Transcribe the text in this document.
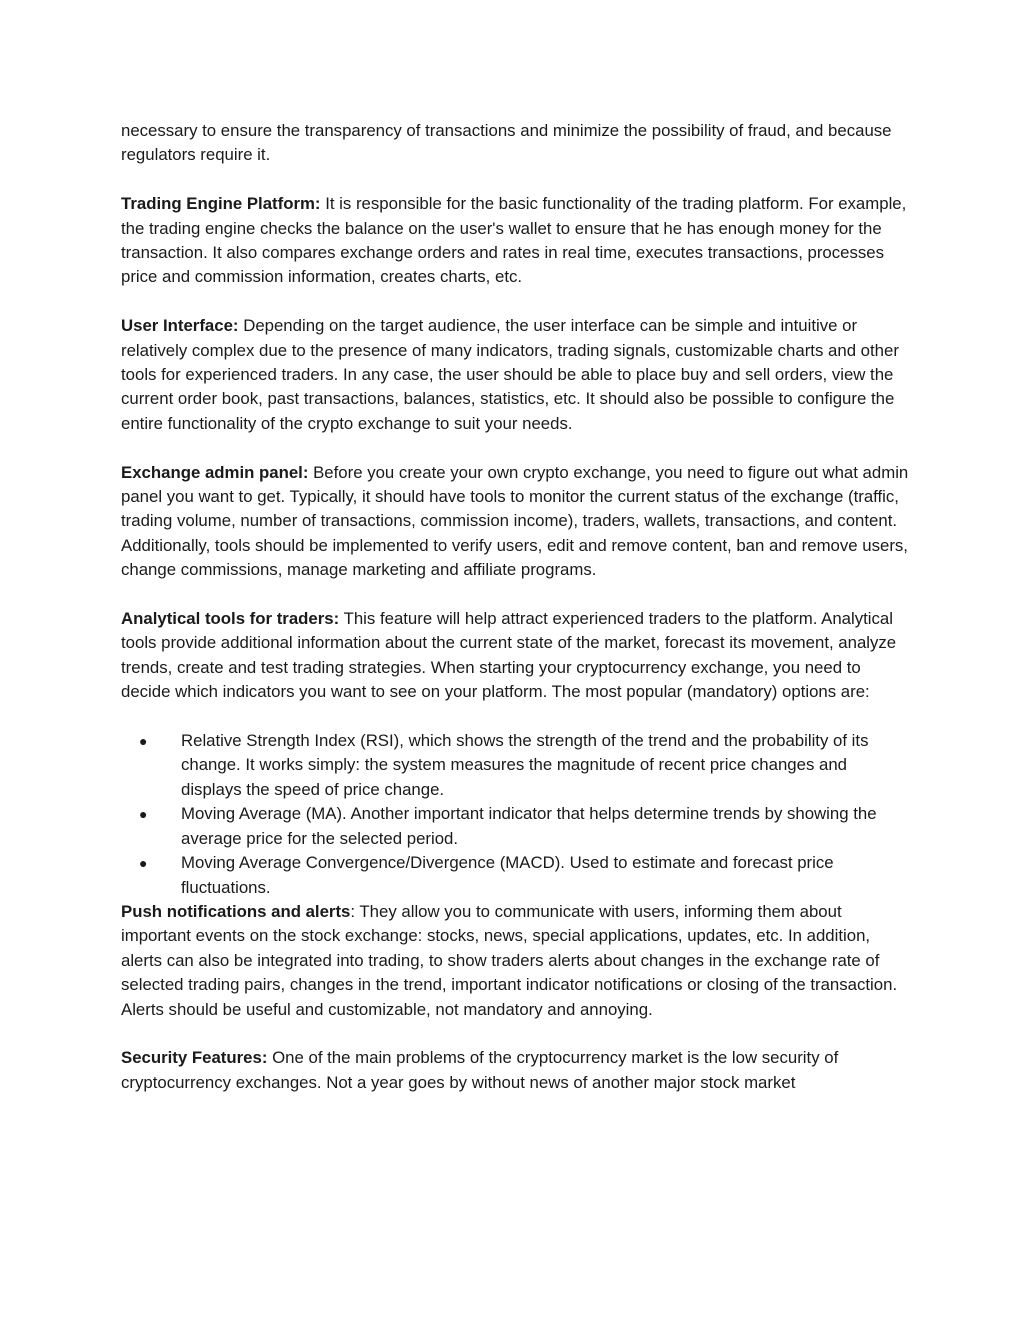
necessary to ensure the transparency of transactions and minimize the possibility of fraud, and because regulators require it.

Trading Engine Platform: It is responsible for the basic functionality of the trading platform. For example, the trading engine checks the balance on the user's wallet to ensure that he has enough money for the transaction. It also compares exchange orders and rates in real time, executes transactions, processes price and commission information, creates charts, etc.

User Interface: Depending on the target audience, the user interface can be simple and intuitive or relatively complex due to the presence of many indicators, trading signals, customizable charts and other tools for experienced traders. In any case, the user should be able to place buy and sell orders, view the current order book, past transactions, balances, statistics, etc. It should also be possible to configure the entire functionality of the crypto exchange to suit your needs.

Exchange admin panel: Before you create your own crypto exchange, you need to figure out what admin panel you want to get. Typically, it should have tools to monitor the current status of the exchange (traffic, trading volume, number of transactions, commission income), traders, wallets, transactions, and content. Additionally, tools should be implemented to verify users, edit and remove content, ban and remove users, change commissions, manage marketing and affiliate programs.

Analytical tools for traders: This feature will help attract experienced traders to the platform. Analytical tools provide additional information about the current state of the market, forecast its movement, analyze trends, create and test trading strategies. When starting your cryptocurrency exchange, you need to decide which indicators you want to see on your platform. The most popular (mandatory) options are:

● Relative Strength Index (RSI), which shows the strength of the trend and the probability of its change. It works simply: the system measures the magnitude of recent price changes and displays the speed of price change.
● Moving Average (MA). Another important indicator that helps determine trends by showing the average price for the selected period.
● Moving Average Convergence/Divergence (MACD). Used to estimate and forecast price fluctuations.

Push notifications and alerts: They allow you to communicate with users, informing them about important events on the stock exchange: stocks, news, special applications, updates, etc. In addition, alerts can also be integrated into trading, to show traders alerts about changes in the exchange rate of selected trading pairs, changes in the trend, important indicator notifications or closing of the transaction. Alerts should be useful and customizable, not mandatory and annoying.

Security Features: One of the main problems of the cryptocurrency market is the low security of cryptocurrency exchanges. Not a year goes by without news of another major stock market
